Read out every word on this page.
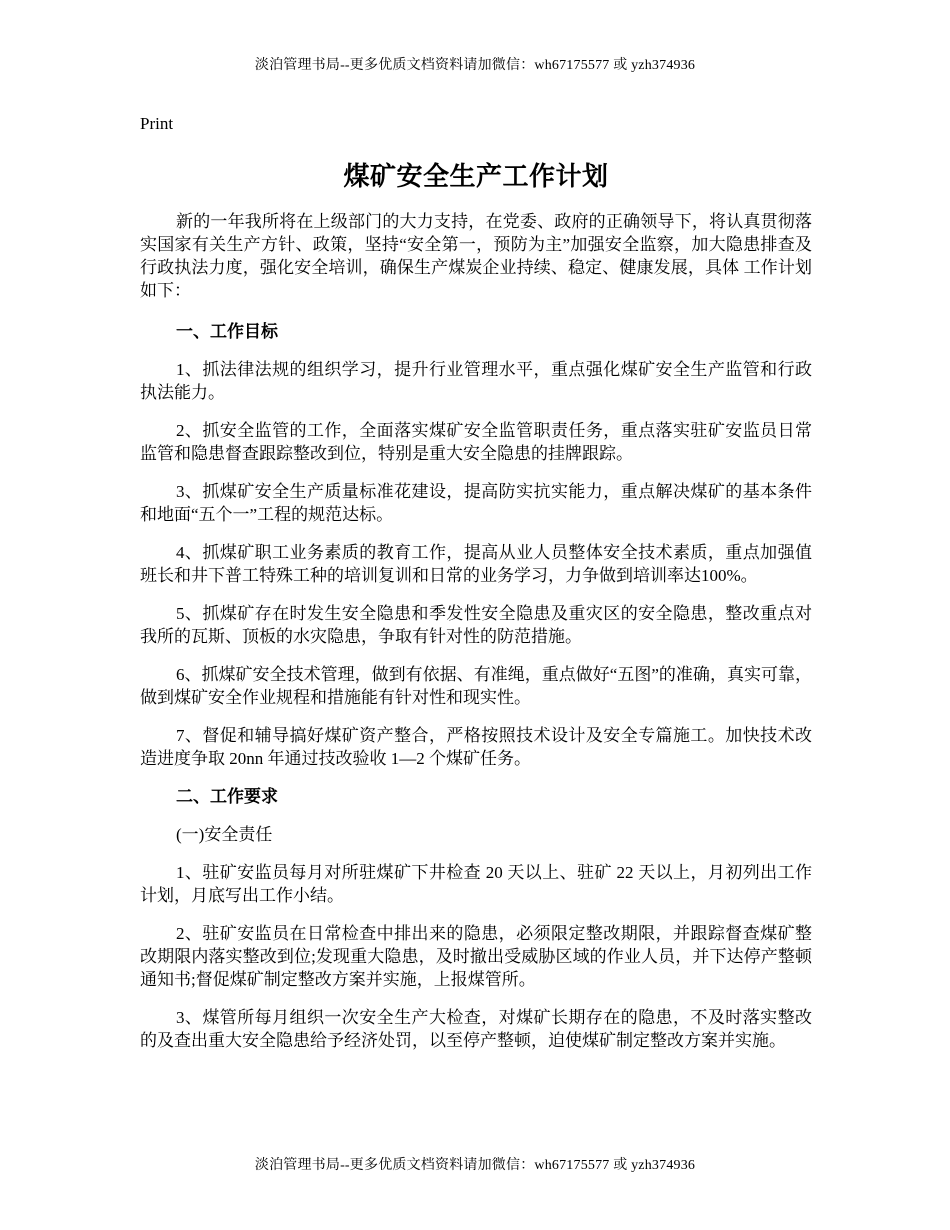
淡泊管理书局--更多优质文档资料请加微信：wh67175577 或 yzh374936
Print
煤矿安全生产工作计划

新的一年我所将在上级部门的大力支持，在党委、政府的正确领导下，将认真贯彻落实国家有关生产方针、政策，坚持“安全第一，预防为主”加强安全监察，加大隐患排查及行政执法力度，强化安全培训，确保生产煤炭企业持续、稳定、健康发展，具体 工作计划 如下：

一、工作目标

1、抓法律法规的组织学习，提升行业管理水平，重点强化煤矿安全生产监管和行政执法能力。

2、抓安全监管的工作，全面落实煤矿安全监管职责任务，重点落实驻矿安监员日常监管和隐患督查跟踪整改到位，特别是重大安全隐患的挂牌跟踪。

3、抓煤矿安全生产质量标准花建设，提高防实抗实能力，重点解决煤矿的基本条件和地面“五个一”工程的规范达标。

4、抓煤矿职工业务素质的教育工作，提高从业人员整体安全技术素质，重点加强值班长和井下普工特殊工种的培训复训和日常的业务学习，力争做到培训率达100%。

5、抓煤矿存在时发生安全隐患和季发性安全隐患及重灾区的安全隐患，整改重点对我所的瓦斯、顶板的水灾隐患，争取有针对性的防范措施。

6、抓煤矿安全技术管理，做到有依据、有准绳，重点做好“五图”的准确，真实可靠，做到煤矿安全作业规程和措施能有针对性和现实性。

7、督促和辅导搞好煤矿资产整合，严格按照技术设计及安全专篇施工。加快技术改造进度争取 20nn 年通过技改验收 1—2 个煤矿任务。

二、工作要求

(一)安全责任

1、驻矿安监员每月对所驻煤矿下井检查 20 天以上、驻矿 22 天以上，月初列出工作计划，月底写出工作小结。

2、驻矿安监员在日常检查中排出来的隐患，必须限定整改期限，并跟踪督查煤矿整改期限内落实整改到位;发现重大隐患，及时撤出受威胁区域的作业人员，并下达停产整顿通知书;督促煤矿制定整改方案并实施，上报煤管所。

3、煤管所每月组织一次安全生产大检查，对煤矿长期存在的隐患，不及时落实整改的及查出重大安全隐患给予经济处罚，以至停产整顿，迫使煤矿制定整改方案并实施。

淡泊管理书局--更多优质文档资料请加微信：wh67175577 或 yzh374936
